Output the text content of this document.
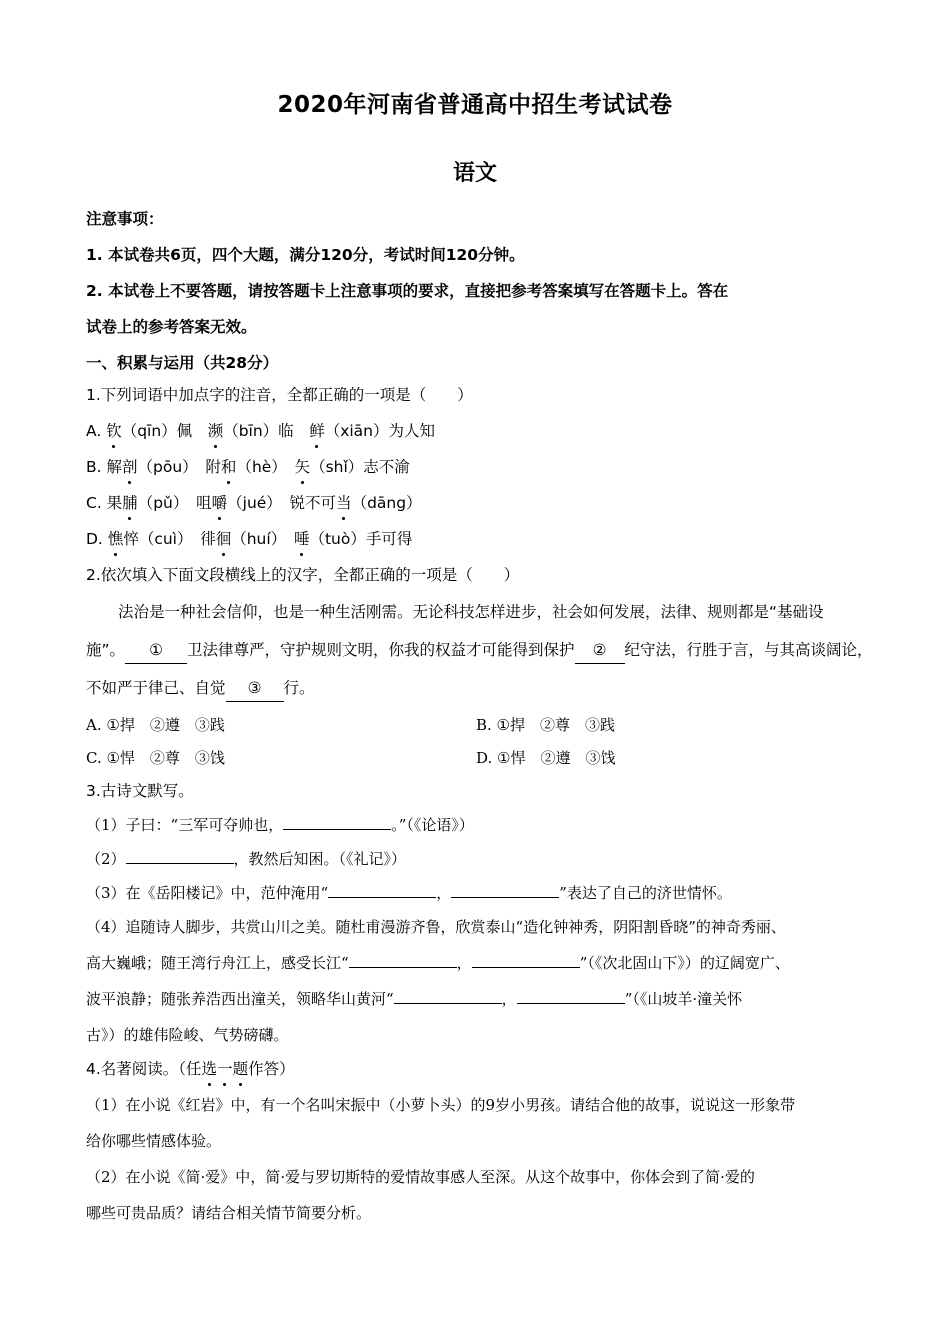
2020年河南省普通高中招生考试试卷
语文
注意事项：
1. 本试卷共6页，四个大题，满分120分，考试时间120分钟。
2. 本试卷上不要答题，请按答题卡上注意事项的要求，直接把参考答案填写在答题卡上。答在
试卷上的参考答案无效。
一、积累与运用（共28分）
1.下列词语中加点字的注音，全都正确的一项是（　　）
A. 钦（qīn）佩　濒（bīn）临　鲜（xiān）为人知
B. 解剖（pōu）　附和（hè）　矢（shǐ）志不渝
C. 果脯（pǔ）　咀嚼（jué）　锐不可当（dāng）
D. 憔悴（cuì）　徘徊（huí）　唾（tuò）手可得
2.依次填入下面文段横线上的汉字，全都正确的一项是（　　）
法治是一种社会信仰，也是一种生活刚需。无论科技怎样进步，社会如何发展，法律、规则都是“基础设
施”。 ① 卫法律尊严，守护规则文明，你我的权益才可能得到保护 ② 纪守法，行胜于言，与其高谈阔论，
不如严于律己、自觉 ③ 行。
A. ①捍　②遵　③践	B. ①捍　②尊　③践
C. ①悍　②尊　③饯	D. ①悍　②遵　③饯
3.古诗文默写。
（1）子曰：“三军可夺帅也，	。”（《论语》）
（2）	，教然后知困。（《礼记》）
（3）在《岳阳楼记》中，范仲淹用“	，	”表达了自己的济世情怀。
（4）追随诗人脚步，共赏山川之美。随杜甫漫游齐鲁，欣赏泰山“造化钟神秀，阴阳割昏晓”的神奇秀丽、
高大巍峨；随王湾行舟江上，感受长江“	，	”（《次北固山下》）的辽阔宽广、
波平浪静；随张养浩西出潼关，领略华山黄河“	，	”（《山坡羊·潼关怀
古》）的雄伟险峻、气势磅礴。
4.名著阅读。（任选一题作答）
（1）在小说《红岩》中，有一个名叫宋振中（小萝卜头）的9岁小男孩。请结合他的故事，说说这一形象带
给你哪些情感体验。
（2）在小说《简·爱》中，简·爱与罗切斯特的爱情故事感人至深。从这个故事中，你体会到了简·爱的
哪些可贵品质？请结合相关情节简要分析。
